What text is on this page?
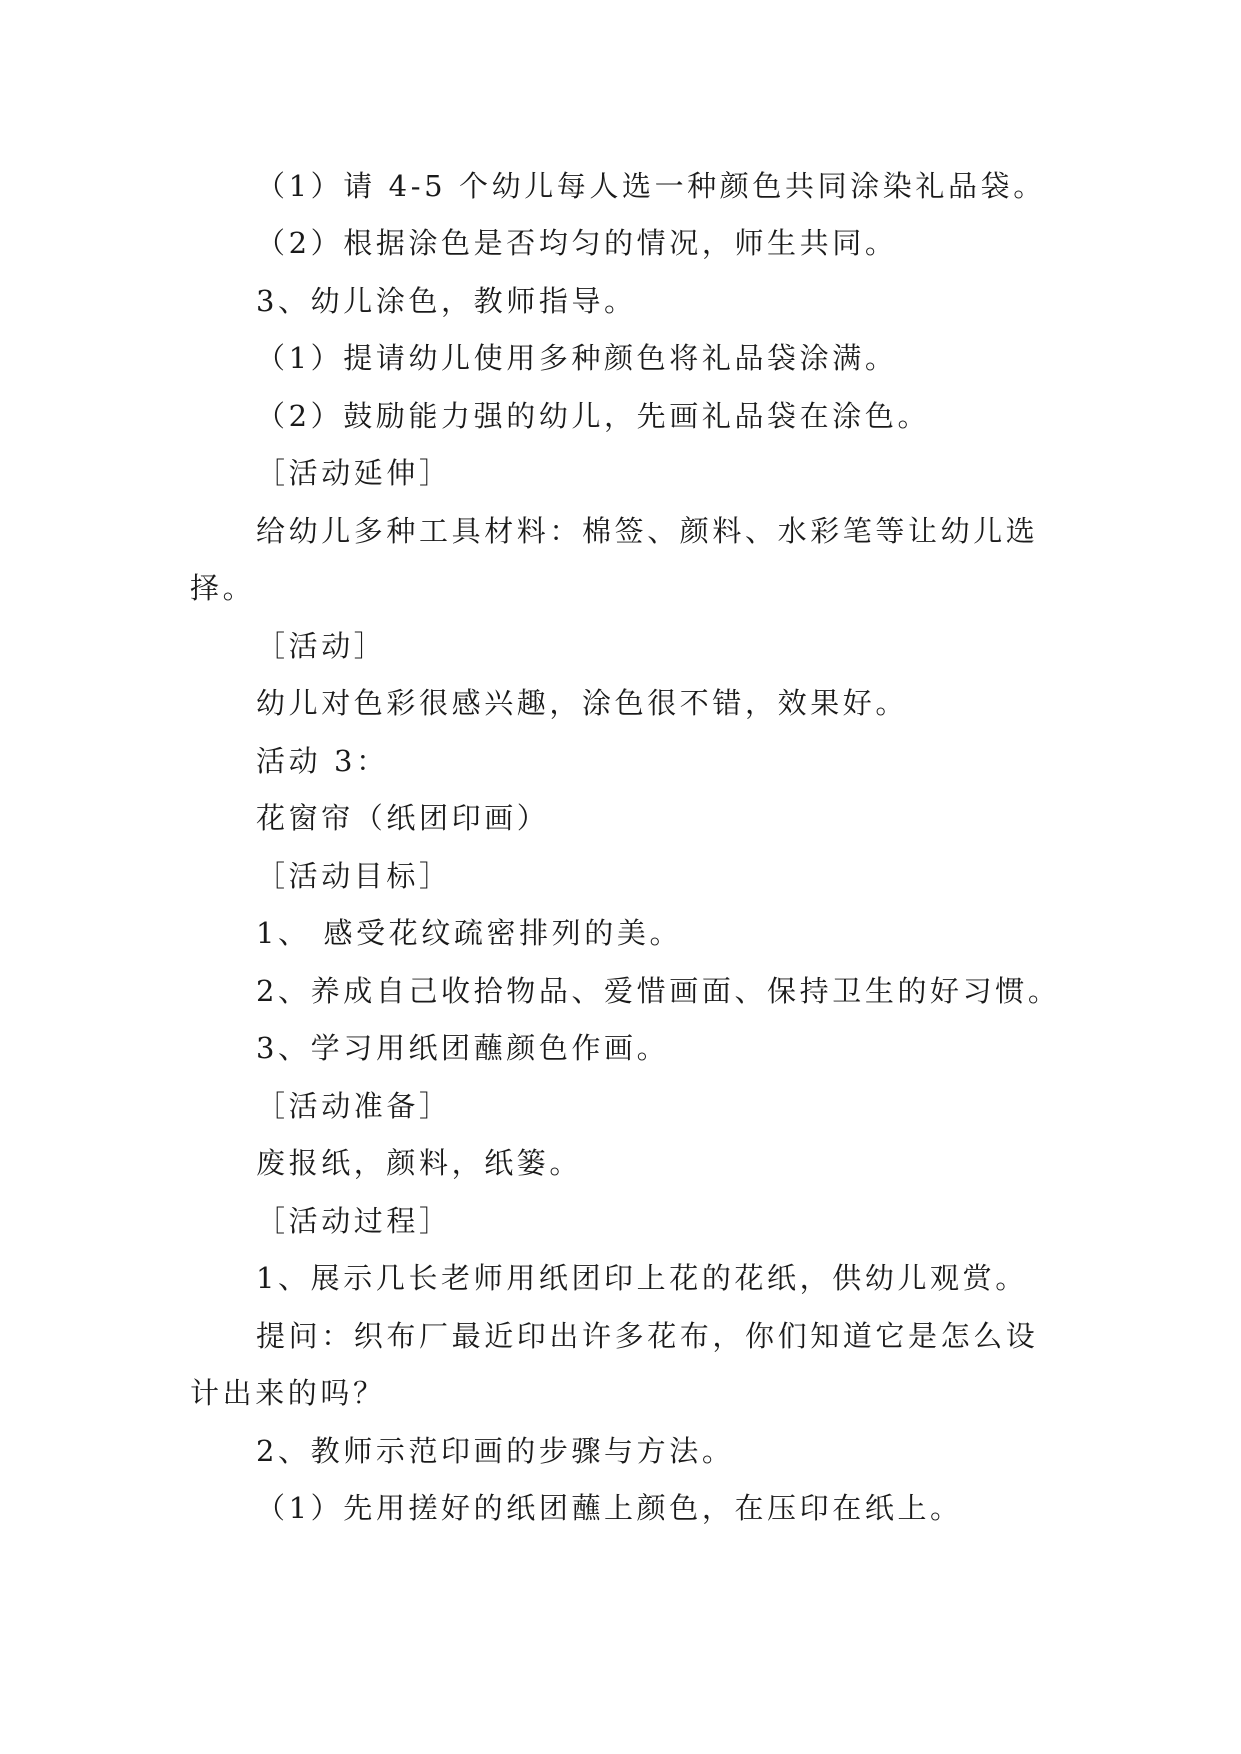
（1）请 4-5 个幼儿每人选一种颜色共同涂染礼品袋。

（2）根据涂色是否均匀的情况，师生共同。

3、幼儿涂色，教师指导。

（1）提请幼儿使用多种颜色将礼品袋涂满。

（2）鼓励能力强的幼儿，先画礼品袋在涂色。

［活动延伸］

给幼儿多种工具材料：棉签、颜料、水彩笔等让幼儿选

择。

［活动］

幼儿对色彩很感兴趣，涂色很不错，效果好。

活动 3：

花窗帘（纸团印画）

［活动目标］

1、 感受花纹疏密排列的美。

2、养成自己收拾物品、爱惜画面、保持卫生的好习惯。

3、学习用纸团蘸颜色作画。

［活动准备］

废报纸，颜料，纸篓。

［活动过程］

1、展示几长老师用纸团印上花的花纸，供幼儿观赏。

提问：织布厂最近印出许多花布，你们知道它是怎么设

计出来的吗？

2、教师示范印画的步骤与方法。

（1）先用搓好的纸团蘸上颜色，在压印在纸上。
